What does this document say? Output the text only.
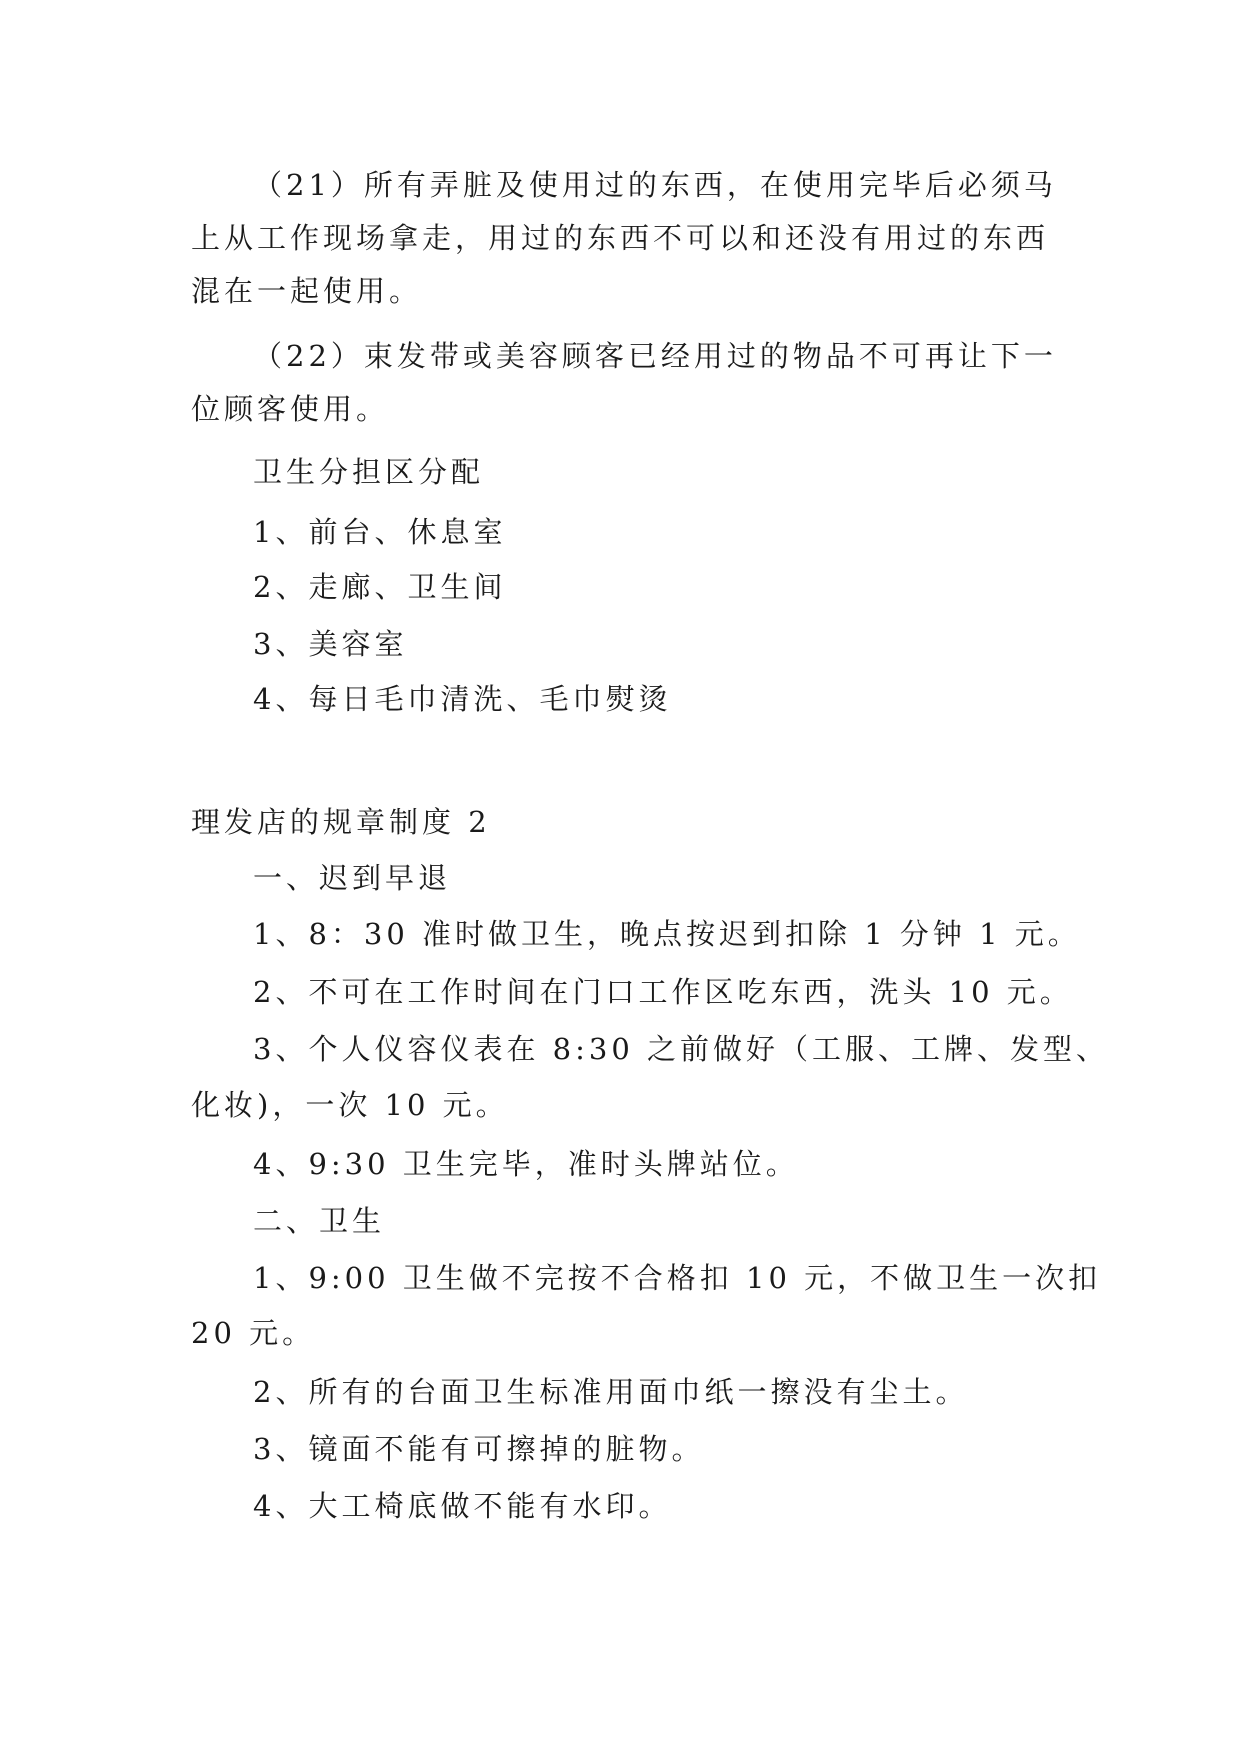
（21）所有弄脏及使用过的东西，在使用完毕后必须马
上从工作现场拿走，用过的东西不可以和还没有用过的东西
混在一起使用。
（22）束发带或美容顾客已经用过的物品不可再让下一
位顾客使用。
卫生分担区分配
1、前台、休息室
2、走廊、卫生间
3、美容室
4、每日毛巾清洗、毛巾熨烫
理发店的规章制度 2
一、迟到早退
1、8：30 准时做卫生，晚点按迟到扣除 1 分钟 1 元。
2、不可在工作时间在门口工作区吃东西，洗头 10 元。
3、个人仪容仪表在 8:30 之前做好（工服、工牌、发型、
化妆)，一次 10 元。
4、9:30 卫生完毕，准时头牌站位。
二、卫生
1、9:00 卫生做不完按不合格扣 10 元，不做卫生一次扣
20 元。
2、所有的台面卫生标准用面巾纸一擦没有尘土。
3、镜面不能有可擦掉的脏物。
4、大工椅底做不能有水印。
